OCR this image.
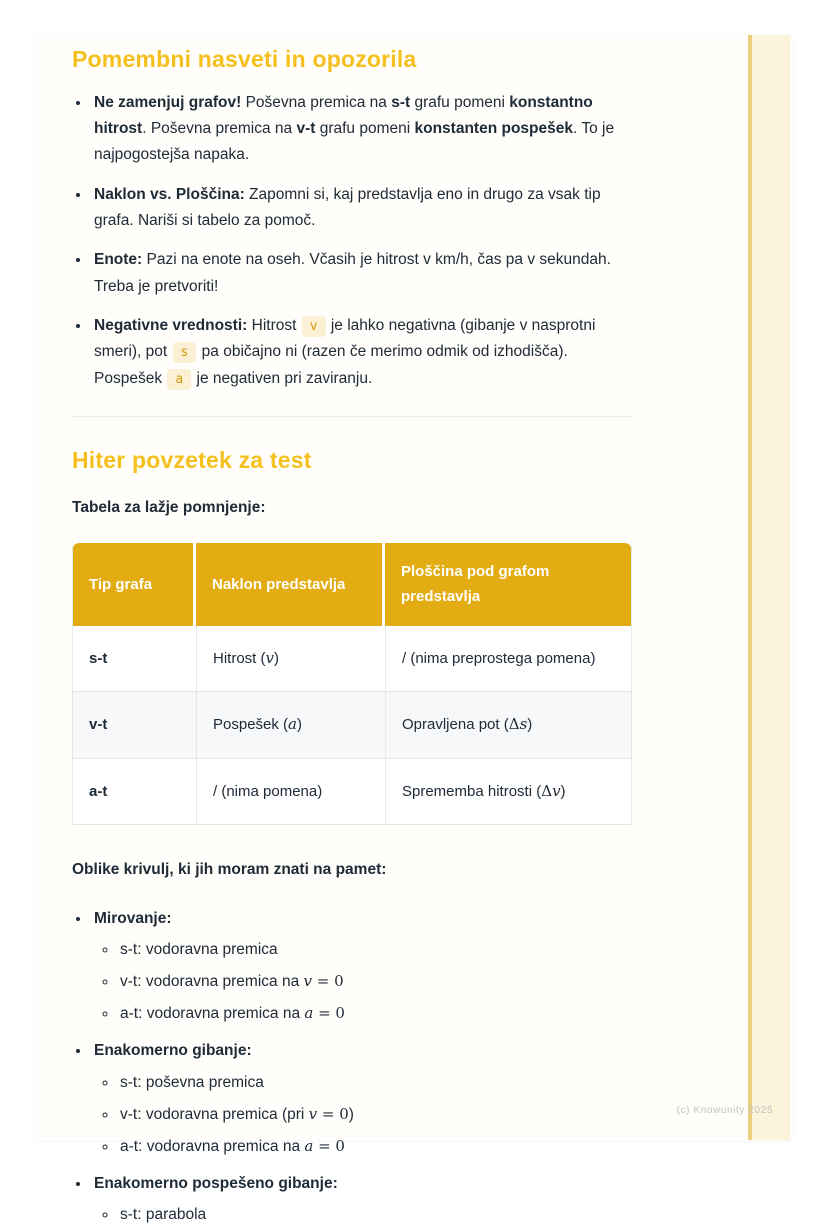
Pomembni nasveti in opozorila
• Ne zamenjuj grafov! Poševna premica na s-t grafu pomeni konstantno hitrost. Poševna premica na v-t grafu pomeni konstanten pospešek. To je najpogostejša napaka.
• Naklon vs. Ploščina: Zapomni si, kaj predstavlja eno in drugo za vsak tip grafa. Nariši si tabelo za pomoč.
• Enote: Pazi na enote na oseh. Včasih je hitrost v km/h, čas pa v sekundah. Treba je pretvoriti!
• Negativne vrednosti: Hitrost v je lahko negativna (gibanje v nasprotni smeri), pot s pa običajno ni (razen če merimo odmik od izhodišča). Pospešek a je negativen pri zaviranju.
Hiter povzetek za test

Tabela za lažje pomnjenje:

Tip grafa	Naklon predstavlja	Ploščina pod grafom predstavlja
s-t	Hitrost (v)	/ (nima preprostega pomena)
v-t	Pospešek (a)	Opravljena pot (Δs)
a-t	/ (nima pomena)	Sprememba hitrosti (Δv)

Oblike krivulj, ki jih moram znati na pamet:

• Mirovanje:
◦ s-t: vodoravna premica
◦ v-t: vodoravna premica na v = 0
◦ a-t: vodoravna premica na a = 0
• Enakomerno gibanje:
◦ s-t: poševna premica
◦ v-t: vodoravna premica (pri v = 0)
◦ a-t: vodoravna premica na a = 0
• Enakomerno pospešeno gibanje:
◦ s-t: parabola
(c) Knowunity 2025
